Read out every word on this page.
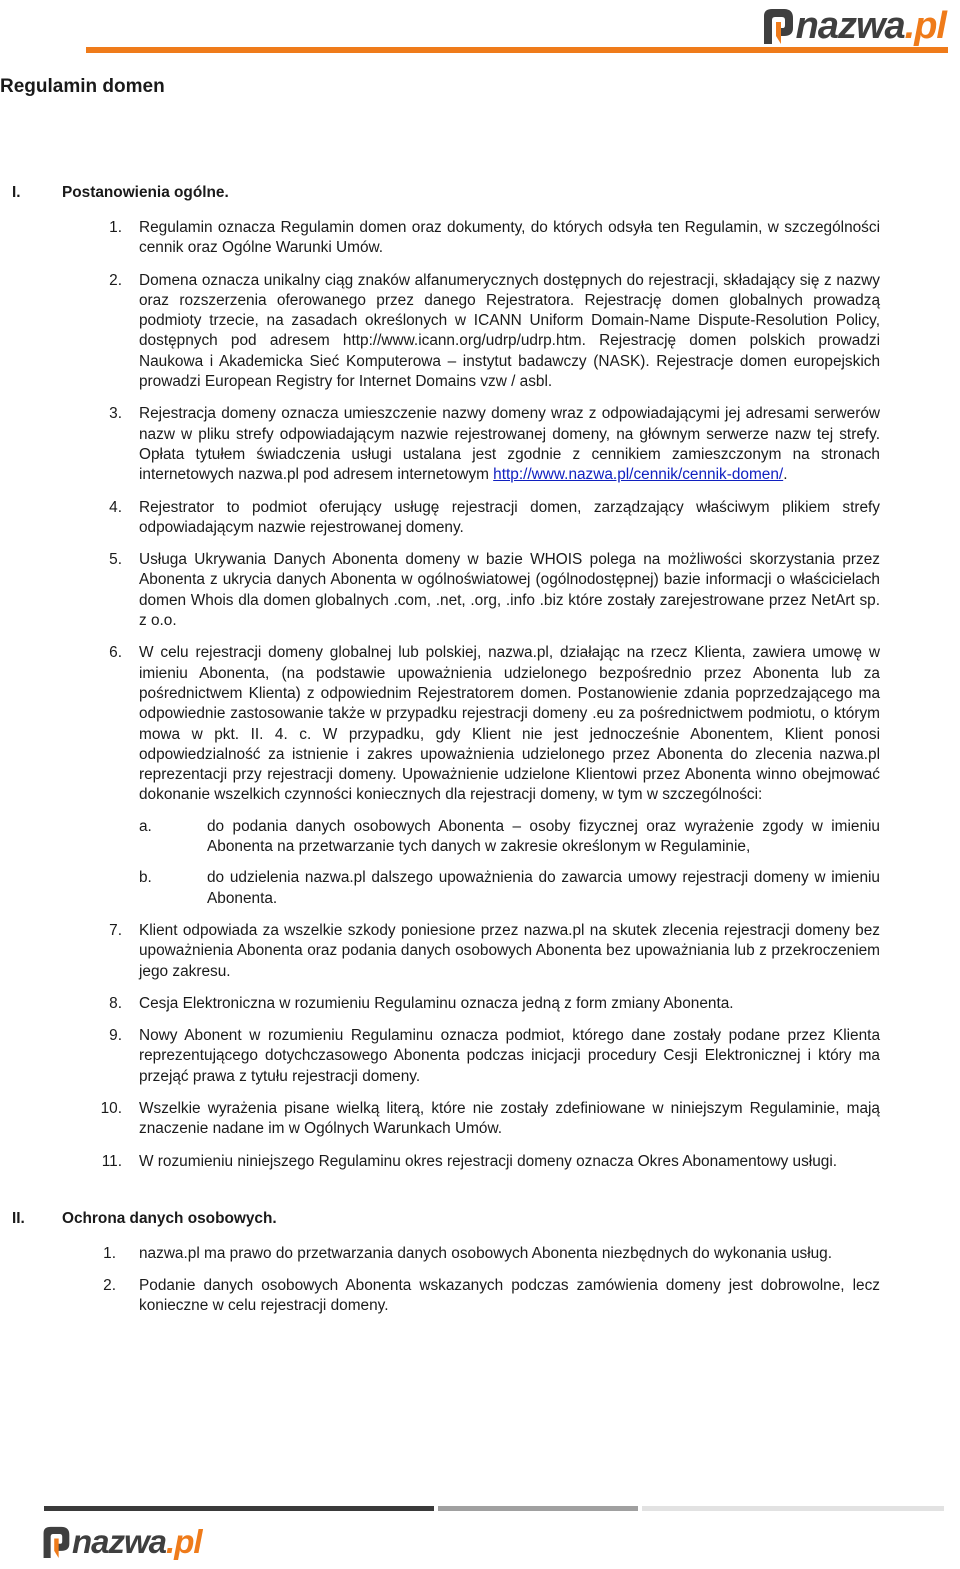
nazwa.pl
Regulamin domen
I.	Postanowienia ogólne.
1. Regulamin oznacza Regulamin domen oraz dokumenty, do których odsyła ten Regulamin, w szczególności cennik oraz Ogólne Warunki Umów.
2. Domena oznacza unikalny ciąg znaków alfanumerycznych dostępnych do rejestracji, składający się z nazwy oraz rozszerzenia oferowanego przez danego Rejestratora. Rejestrację domen globalnych prowadzą podmioty trzecie, na zasadach określonych w ICANN Uniform Domain-Name Dispute-Resolution Policy, dostępnych pod adresem http://www.icann.org/udrp/udrp.htm. Rejestrację domen polskich prowadzi Naukowa i Akademicka Sieć Komputerowa – instytut badawczy (NASK). Rejestracje domen europejskich prowadzi European Registry for Internet Domains vzw / asbl.
3. Rejestracja domeny oznacza umieszczenie nazwy domeny wraz z odpowiadającymi jej adresami serwerów nazw w pliku strefy odpowiadającym nazwie rejestrowanej domeny, na głównym serwerze nazw tej strefy. Opłata tytułem świadczenia usługi ustalana jest zgodnie z cennikiem zamieszczonym na stronach internetowych nazwa.pl pod adresem internetowym http://www.nazwa.pl/cennik/cennik-domen/.
4. Rejestrator to podmiot oferujący usługę rejestracji domen, zarządzający właściwym plikiem strefy odpowiadającym nazwie rejestrowanej domeny.
5. Usługa Ukrywania Danych Abonenta domeny w bazie WHOIS polega na możliwości skorzystania przez Abonenta z ukrycia danych Abonenta w ogólnoświatowej (ogólnodostępnej) bazie informacji o właścicielach domen Whois dla domen globalnych .com, .net, .org, .info .biz które zostały zarejestrowane przez NetArt sp. z o.o.
6. W celu rejestracji domeny globalnej lub polskiej, nazwa.pl, działając na rzecz Klienta, zawiera umowę w imieniu Abonenta, (na podstawie upoważnienia udzielonego bezpośrednio przez Abonenta lub za pośrednictwem Klienta) z odpowiednim Rejestratorem domen. Postanowienie zdania poprzedzającego ma odpowiednie zastosowanie także w przypadku rejestracji domeny .eu za pośrednictwem podmiotu, o którym mowa w pkt. II. 4. c. W przypadku, gdy Klient nie jest jednocześnie Abonentem, Klient ponosi odpowiedzialność za istnienie i zakres upoważnienia udzielonego przez Abonenta do zlecenia nazwa.pl reprezentacji przy rejestracji domeny. Upoważnienie udzielone Klientowi przez Abonenta winno obejmować dokonanie wszelkich czynności koniecznych dla rejestracji domeny, w tym w szczególności:
a.	do podania danych osobowych Abonenta – osoby fizycznej oraz wyrażenie zgody w imieniu Abonenta na przetwarzanie tych danych w zakresie określonym w Regulaminie,
b.	do udzielenia nazwa.pl dalszego upoważnienia do zawarcia umowy rejestracji domeny w imieniu Abonenta.
7. Klient odpowiada za wszelkie szkody poniesione przez nazwa.pl na skutek zlecenia rejestracji domeny bez upoważnienia Abonenta oraz podania danych osobowych Abonenta bez upoważniania lub z przekroczeniem jego zakresu.
8. Cesja Elektroniczna w rozumieniu Regulaminu oznacza jedną z form zmiany Abonenta.
9. Nowy Abonent w rozumieniu Regulaminu oznacza podmiot, którego dane zostały podane przez Klienta reprezentującego dotychczasowego Abonenta podczas inicjacji procedury Cesji Elektronicznej i który ma przejąć prawa z tytułu rejestracji domeny.
10. Wszelkie wyrażenia pisane wielką literą, które nie zostały zdefiniowane w niniejszym Regulaminie, mają znaczenie nadane im w Ogólnych Warunkach Umów.
11. W rozumieniu niniejszego Regulaminu okres rejestracji domeny oznacza Okres Abonamentowy usługi.
II. Ochrona danych osobowych.
1. nazwa.pl ma prawo do przetwarzania danych osobowych Abonenta niezbędnych do wykonania usług.
2. Podanie danych osobowych Abonenta wskazanych podczas zamówienia domeny jest dobrowolne, lecz konieczne w celu rejestracji domeny.
nazwa.pl
